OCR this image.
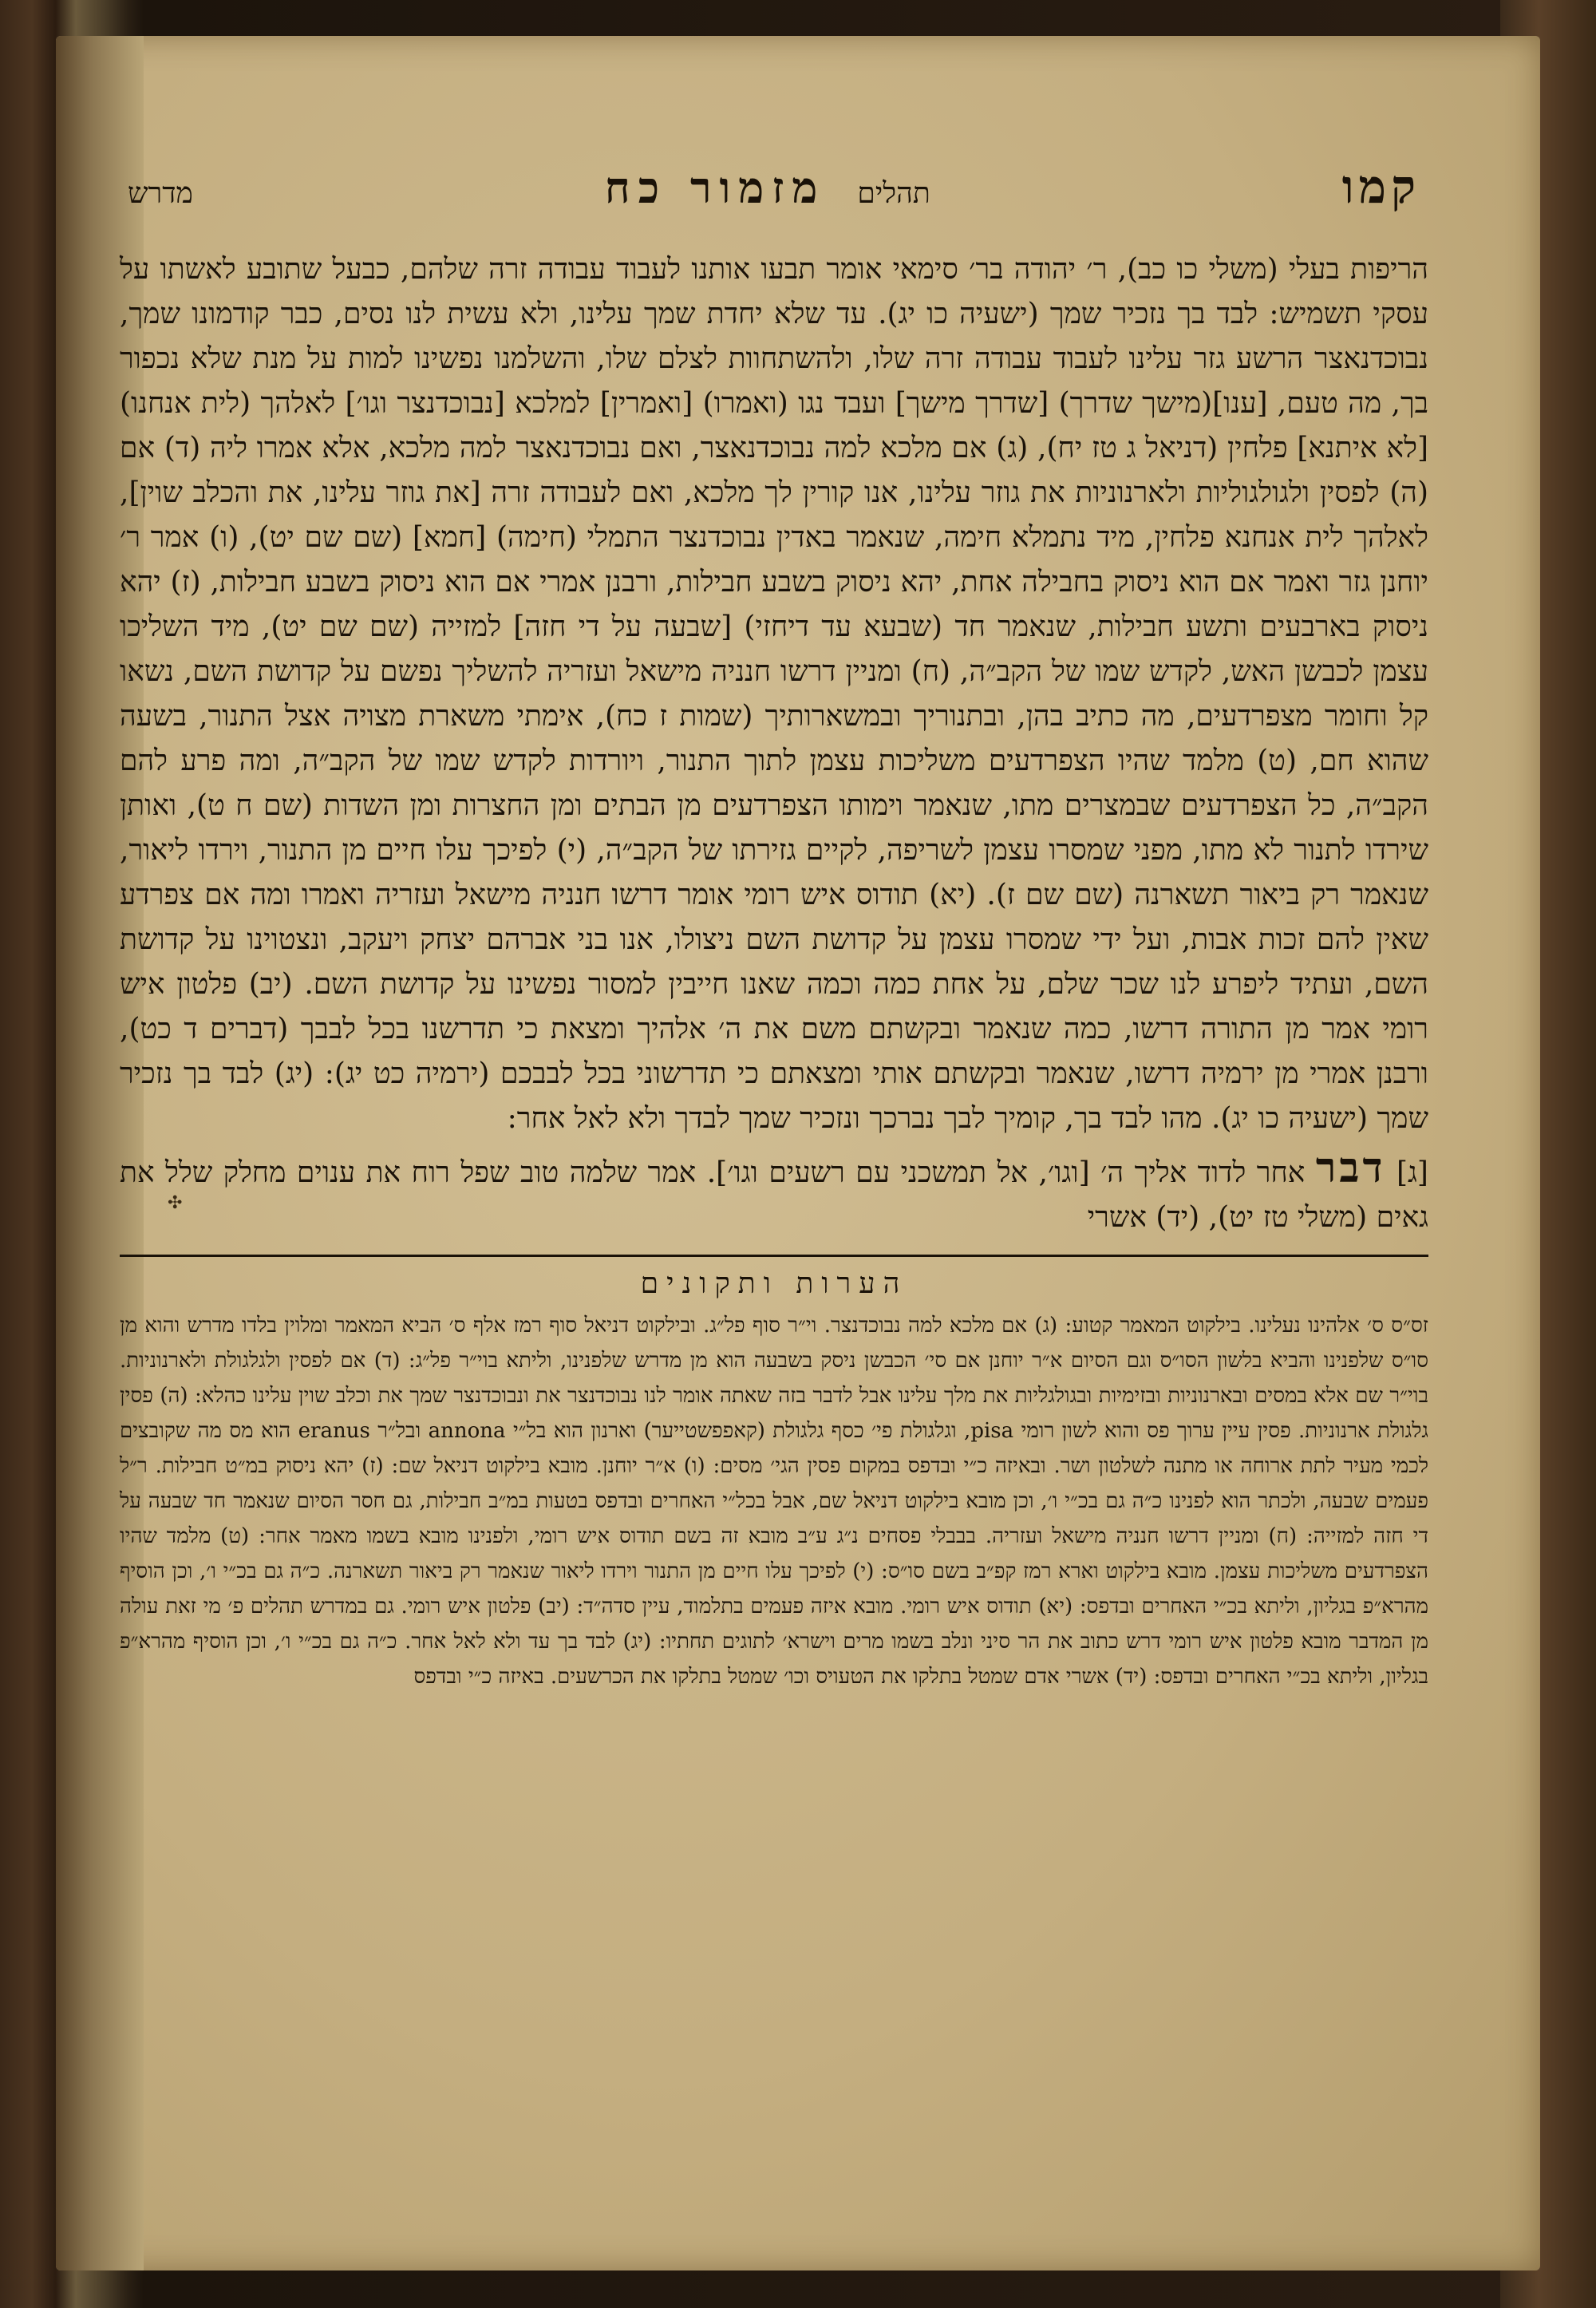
✣
קמו
תהלים
מזמור כח
מדרש
הריפות בעלי (משלי כו כב), ר׳ יהודה בר׳ סימאי אומר תבעו אותנו לעבוד עבודה זרה שלהם, כבעל שתובע לאשתו על עסקי תשמיש: לבד בך נזכיר שמך (ישעיה כו יג). עד שלא יחדת שמך עלינו, ולא עשית לנו נסים, כבר קודמונו שמך, נבוכדנאצר הרשע גזר עלינו לעבוד עבודה זרה שלו, ולהשתחוות לצלם שלו, והשלמנו נפשינו למות על מנת שלא נכפור בך, מה טעם, [ענו](מישך שדרך) [שדרך מישך] ועבד נגו (ואמרו) [ואמרין] למלכא [נבוכדנצר וגו׳] לאלהך (לית אנחנו) [לא איתנא] פלחין (דניאל ג טז יח), (ג) אם מלכא למה נבוכדנאצר, ואם נבוכדנאצר למה מלכא, אלא אמרו ליה (ד) אם (ה) לפסין ולגולגוליות ולארנוניות את גוזר עלינו, אנו קורין לך מלכא, ואם לעבודה זרה [את גוזר עלינו, את והכלב שוין], לאלהך לית אנחנא פלחין, מיד נתמלא חימה, שנאמר באדין נבוכדנצר התמלי (חימה) [חמא] (שם שם יט), (ו) אמר ר׳ יוחנן גזר ואמר אם הוא ניסוק בחבילה אחת, יהא ניסוק בשבע חבילות, ורבנן אמרי אם הוא ניסוק בשבע חבילות, (ז) יהא ניסוק בארבעים ותשע חבילות, שנאמר חד (שבעא עד דיחזי) [שבעה על די חזה] למזייה (שם שם יט), מיד השליכו עצמן לכבשן האש, לקדש שמו של הקב״ה, (ח) ומניין דרשו חנניה מישאל ועזריה להשליך נפשם על קדושת השם, נשאו קל וחומר מצפרדעים, מה כתיב בהן, ובתנוריך ובמשארותיך (שמות ז כח), אימתי משארת מצויה אצל התנור, בשעה שהוא חם, (ט) מלמד שהיו הצפרדעים משליכות עצמן לתוך התנור, ויורדות לקדש שמו של הקב״ה, ומה פרע להם הקב״ה, כל הצפרדעים שבמצרים מתו, שנאמר וימותו הצפרדעים מן הבתים ומן החצרות ומן השדות (שם ח ט), ואותן שירדו לתנור לא מתו, מפני שמסרו עצמן לשריפה, לקיים גזירתו של הקב״ה, (י) לפיכך עלו חיים מן התנור, וירדו ליאור, שנאמר רק ביאור תשארנה (שם שם ז). (יא) תודוס איש רומי אומר דרשו חנניה מישאל ועזריה ואמרו ומה אם צפרדע שאין להם זכות אבות, ועל ידי שמסרו עצמן על קדושת השם ניצולו, אנו בני אברהם יצחק ויעקב, ונצטוינו על קדושת השם, ועתיד ליפרע לנו שכר שלם, על אחת כמה וכמה שאנו חייבין למסור נפשינו על קדושת השם. (יב) פלטון איש רומי אמר מן התורה דרשו, כמה שנאמר ובקשתם משם את ה׳ אלהיך ומצאת כי תדרשנו בכל לבבך (דברים ד כט), ורבנן אמרי מן ירמיה דרשו, שנאמר ובקשתם אותי ומצאתם כי תדרשוני בכל לבבכם (ירמיה כט יג): (יג) לבד בך נזכיר שמך (ישעיה כו יג). מהו לבד בך, קומיך לבך נברכך ונזכיר שמך לבדך ולא לאל אחר:
[ג] דבר אחר לדוד אליך ה׳ [וגו׳, אל תמשכני עם רשעים וגו׳]. אמר שלמה טוב שפל רוח את ענוים מחלק שלל את גאים (משלי טז יט), (יד) אשרי
הערות ותקונים
זס״ס ס׳ אלהינו נעלינו. בילקוט המאמר קטוע: (ג) אם מלכא למה נבוכדנצר. וי״ר סוף פל״ג. ובילקוט דניאל סוף רמז אלף ס׳ הביא המאמר ומלוין בלדו מדרש והוא מן סו״ס שלפנינו והביא בלשון הסו״ס וגם הסיום א״ר יוחנן אם סי׳ הכבשן ניסק בשבעה הוא מן מדרש שלפנינו, וליתא בוי״ר פל״ג: (ד) אם לפסין ולגלגולת ולארנוניות. בוי״ר שם אלא במסים ובארנוניות ובזימיות ובגולגליות את מלך עלינו אבל לדבר בזה שאתה אומר לנו נבוכדנצר את ונבוכדנצר שמך את וכלב שוין עלינו כהלא: (ה) פסין גלגולת ארנוניות. פסין עיין ערוך פס והוא לשון רומי pisa, וגלגולת פי׳ כסף גלגולת (קאפפשטייער) וארנון הוא בל״י annona ובל״ר eranus הוא מס מה שקובצים לכמי מעיר לתת ארוחה או מתנה לשלטון ושר. ובאיזה כ״י ובדפס במקום פסין הגי׳ מסים: (ו) א״ר יוחנן. מובא בילקוט דניאל שם: (ז) יהא ניסוק במ״ט חבילות. ר״ל פעמים שבעה, ולכתר הוא לפנינו כ״ה גם בכ״י ו׳, וכן מובא בילקוט דניאל שם, אבל בכל״י האחרים ובדפס בטעות במ״ב חבילות, גם חסר הסיום שנאמר חד שבעה על די חזה למזייה: (ח) ומניין דרשו חנניה מישאל ועזריה. בבבלי פסחים נ״ג ע״ב מובא זה בשם תודוס איש רומי, ולפנינו מובא בשמו מאמר אחר: (ט) מלמד שהיו הצפרדעים משליכות עצמן. מובא בילקוט וארא רמז קפ״ב בשם סו״ס: (י) לפיכך עלו חיים מן התנור וירדו ליאור שנאמר רק ביאור תשארנה. כ״ה גם בכ״י ו׳, וכן הוסיף מהרא״פ בגליון, וליתא בכ״י האחרים ובדפס: (יא) תודוס איש רומי. מובא איזה פעמים בתלמוד, עיין סדה״ד: (יב) פלטון איש רומי. גם במדרש תהלים פ׳ מי זאת עולה מן המדבר מובא פלטון איש רומי דרש כתוב את הר סיני ונלב בשמו מרים וישרא׳ לתוגים תחתיו: (יג) לבד בך עד ולא לאל אחר. כ״ה גם בכ״י ו׳, וכן הוסיף מהרא״פ בגליון, וליתא בכ״י האחרים ובדפס: (יד) אשרי אדם שמטל בתלקו את הטעויס וכו׳ שמטל בתלקו את הכרשעים. באיזה כ״י ובדפס
